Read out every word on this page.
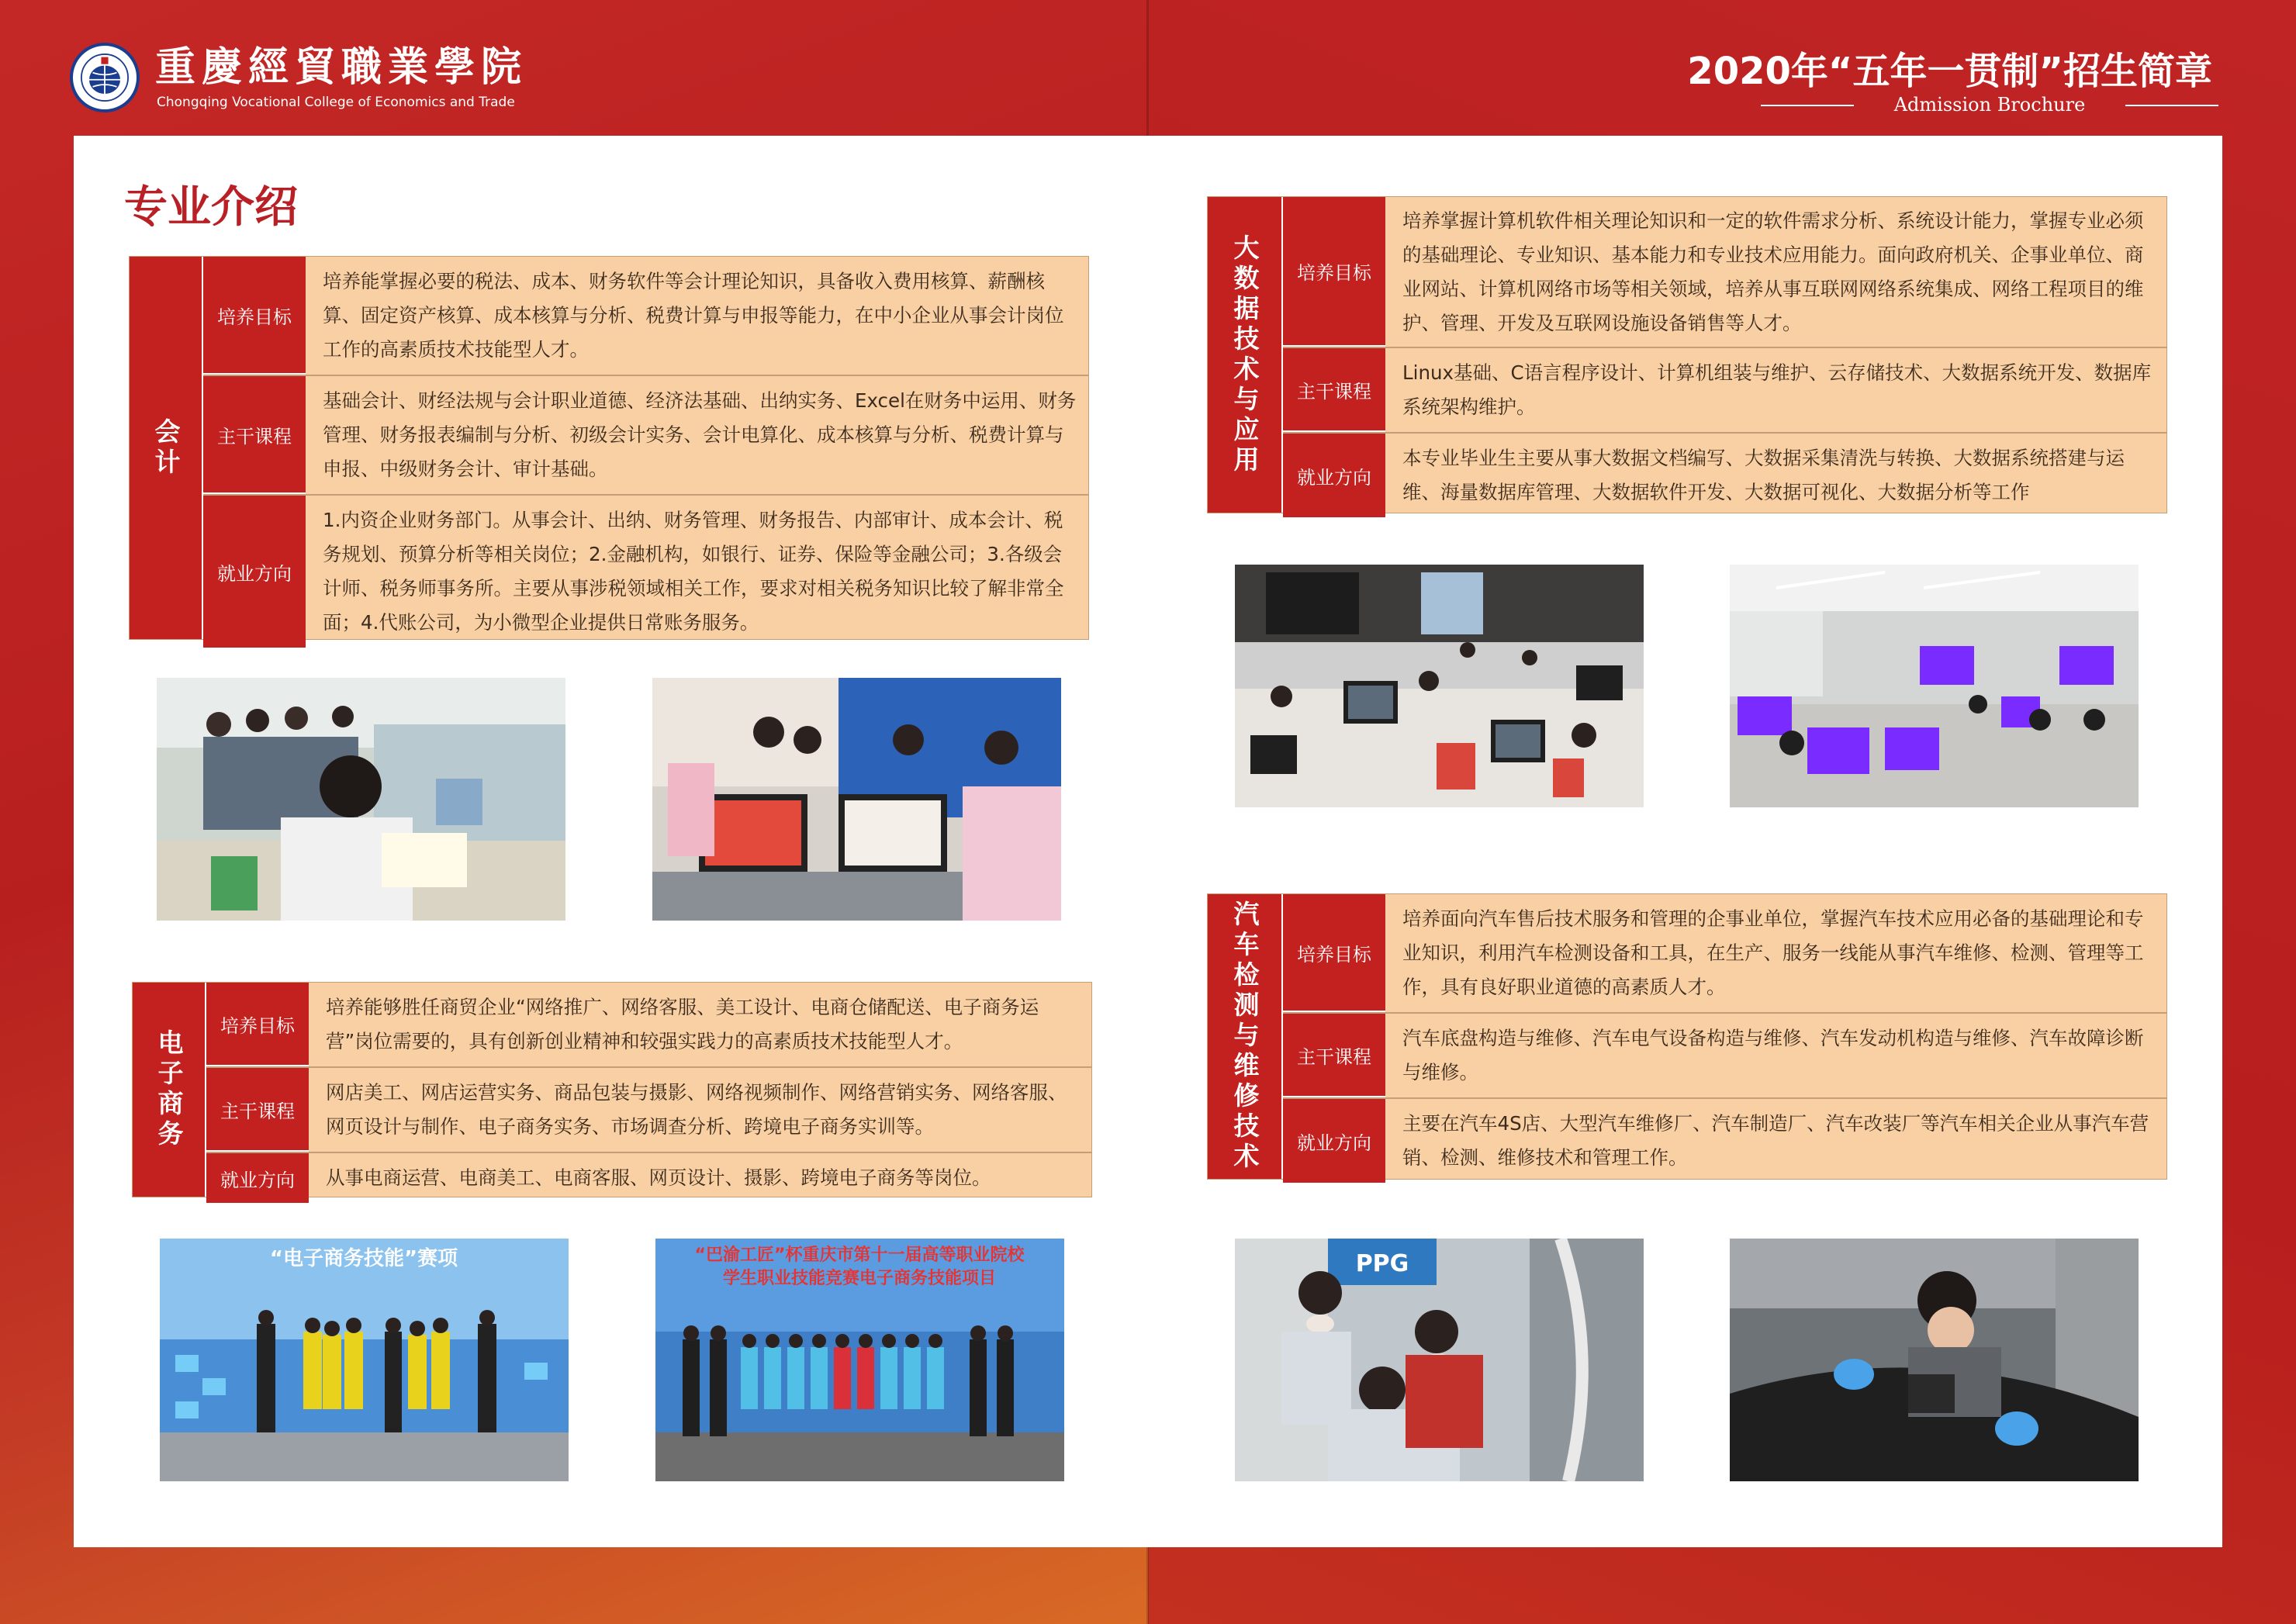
重慶經貿職業學院
Chongqing Vocational College of Economics and Trade
2020年“五年一贯制”招生简章
Admission Brochure
专业介绍
会计
培养目标
培养能掌握必要的税法、成本、财务软件等会计理论知识，具备收入费用核算、薪酬核算、固定资产核算、成本核算与分析、税费计算与申报等能力，在中小企业从事会计岗位工作的高素质技术技能型人才。
主干课程
基础会计、财经法规与会计职业道德、经济法基础、出纳实务、Excel在财务中运用、财务管理、财务报表编制与分析、初级会计实务、会计电算化、成本核算与分析、税费计算与申报、中级财务会计、审计基础。
就业方向
1.内资企业财务部门。从事会计、出纳、财务管理、财务报告、内部审计、成本会计、税务规划、预算分析等相关岗位；2.金融机构，如银行、证券、保险等金融公司；3.各级会计师、税务师事务所。主要从事涉税领域相关工作，要求对相关税务知识比较了解非常全面；4.代账公司，为小微型企业提供日常账务服务。
电子商务
培养目标
培养能够胜任商贸企业“网络推广、网络客服、美工设计、电商仓储配送、电子商务运营”岗位需要的，具有创新创业精神和较强实践力的高素质技术技能型人才。
主干课程
网店美工、网店运营实务、商品包装与摄影、网络视频制作、网络营销实务、网络客服、网页设计与制作、电子商务实务、市场调查分析、跨境电子商务实训等。
就业方向	从事电商运营、电商美工、电商客服、网页设计、摄影、跨境电子商务等岗位。
大数据技术与应用	培养目标
培养掌握计算机软件相关理论知识和一定的软件需求分析、系统设计能力，掌握专业必须的基础理论、专业知识、基本能力和专业技术应用能力。面向政府机关、企事业单位、商业网站、计算机网络市场等相关领域，培养从事互联网网络系统集成、网络工程项目的维护、管理、开发及互联网设施设备销售等人才。
主干课程
Linux基础、C语言程序设计、计算机组装与维护、云存储技术、大数据系统开发、数据库系统架构维护。
就业方向
本专业毕业生主要从事大数据文档编写、大数据采集清洗与转换、大数据系统搭建与运维、海量数据库管理、大数据软件开发、大数据可视化、大数据分析等工作
汽车检测与维修技术	培养目标
培养面向汽车售后技术服务和管理的企事业单位，掌握汽车技术应用必备的基础理论和专业知识，利用汽车检测设备和工具，在生产、服务一线能从事汽车维修、检测、管理等工作，具有良好职业道德的高素质人才。
主干课程
汽车底盘构造与维修、汽车电气设备构造与维修、汽车发动机构造与维修、汽车故障诊断与维修。
就业方向
主要在汽车4S店、大型汽车维修厂、汽车制造厂、汽车改装厂等汽车相关企业从事汽车营销、检测、维修技术和管理工作。
“电子商务技能”赛项	“巴渝工匠”杯重庆市第十一届高等职业院校
学生职业技能竞赛电子商务技能项目
PPG
